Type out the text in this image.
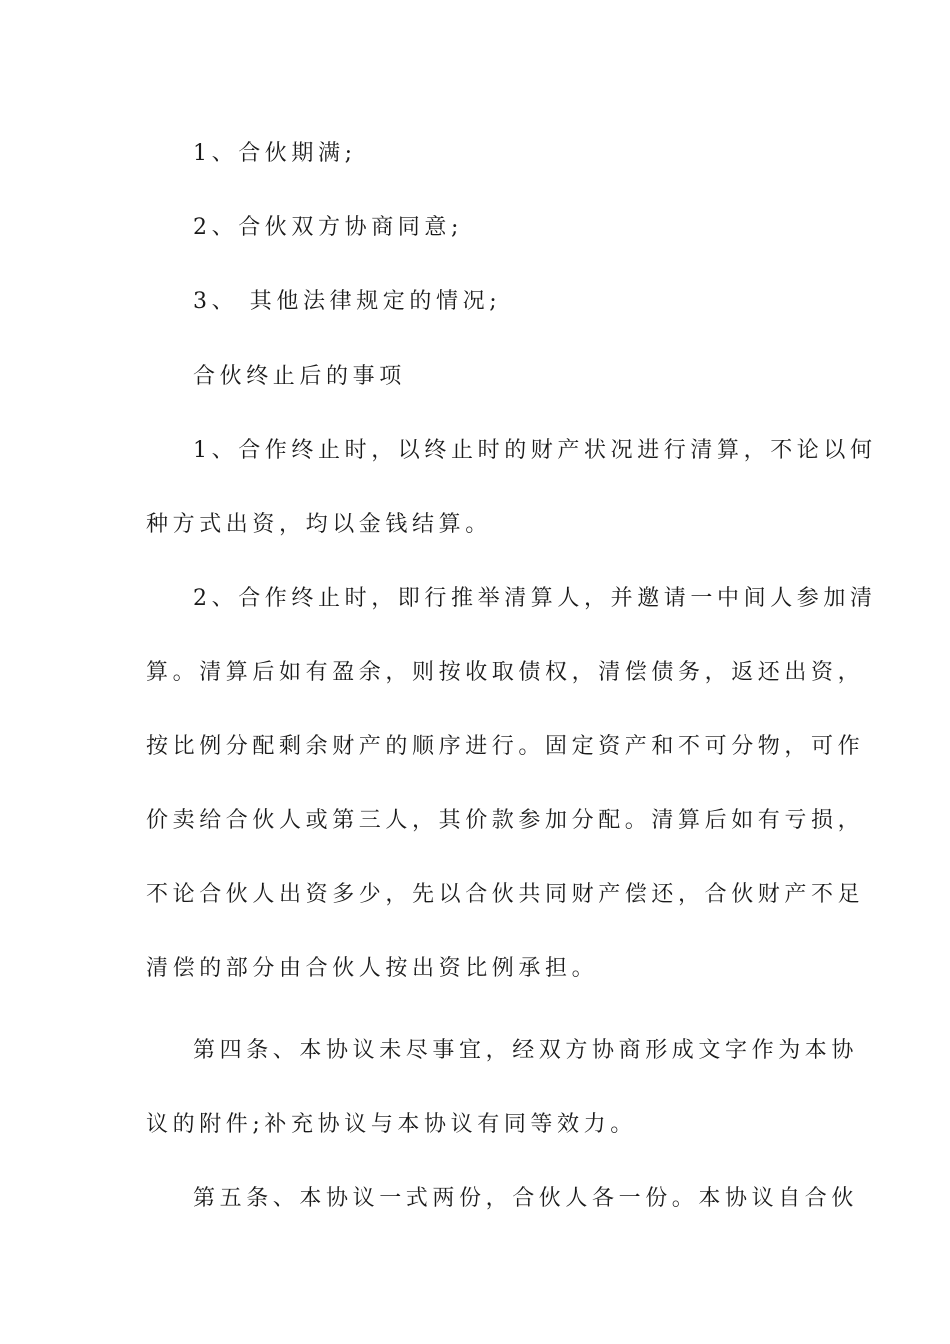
1、合伙期满;
2、合伙双方协商同意;
3、 其他法律规定的情况;
合伙终止后的事项
1、合作终止时，以终止时的财产状况进行清算，不论以何
种方式出资，均以金钱结算。
2、合作终止时，即行推举清算人，并邀请一中间人参加清
算。清算后如有盈余，则按收取债权，清偿债务，返还出资，
按比例分配剩余财产的顺序进行。固定资产和不可分物，可作
价卖给合伙人或第三人，其价款参加分配。清算后如有亏损，
不论合伙人出资多少，先以合伙共同财产偿还，合伙财产不足
清偿的部分由合伙人按出资比例承担。
第四条、本协议未尽事宜，经双方协商形成文字作为本协
议的附件;补充协议与本协议有同等效力。
第五条、本协议一式两份，合伙人各一份。本协议自合伙
